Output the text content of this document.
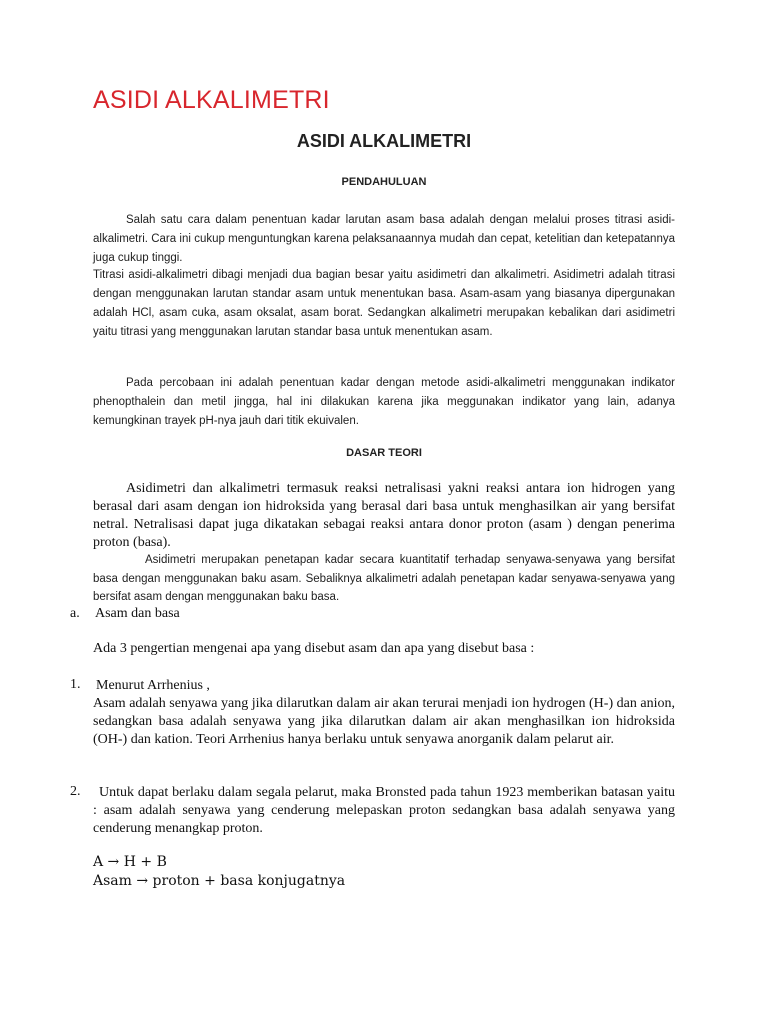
ASIDI ALKALIMETRI
ASIDI ALKALIMETRI
PENDAHULUAN

Salah satu cara dalam penentuan kadar larutan asam basa adalah dengan melalui proses titrasi asidi-alkalimetri. Cara ini cukup menguntungkan karena pelaksanaannya mudah dan cepat, ketelitian dan ketepatannya juga cukup tinggi.

Titrasi asidi-alkalimetri dibagi menjadi dua bagian besar yaitu asidimetri dan alkalimetri. Asidimetri adalah titrasi dengan menggunakan larutan standar asam untuk menentukan basa. Asam-asam yang biasanya dipergunakan adalah HCl, asam cuka, asam oksalat, asam borat. Sedangkan alkalimetri merupakan kebalikan dari asidimetri yaitu titrasi yang menggunakan larutan standar basa untuk menentukan asam.

Pada percobaan ini adalah penentuan kadar dengan metode asidi-alkalimetri menggunakan indikator phenopthalein dan metil jingga, hal ini dilakukan karena jika meggunakan indikator yang lain, adanya kemungkinan trayek pH-nya jauh dari titik ekuivalen.

DASAR TEORI

Asidimetri dan alkalimetri termasuk reaksi netralisasi yakni reaksi antara ion hidrogen yang berasal dari asam dengan ion hidroksida yang berasal dari basa untuk menghasilkan air yang bersifat netral. Netralisasi dapat juga dikatakan sebagai reaksi antara donor proton (asam ) dengan penerima proton (basa).

Asidimetri merupakan penetapan kadar secara kuantitatif terhadap senyawa-senyawa yang bersifat basa dengan menggunakan baku asam. Sebaliknya alkalimetri adalah penetapan kadar senyawa-senyawa yang bersifat asam dengan menggunakan baku basa.

a. Asam dan basa

Ada 3 pengertian mengenai apa yang disebut asam dan apa yang disebut basa :

1. Menurut Arrhenius ,

Asam adalah senyawa yang jika dilarutkan dalam air akan terurai menjadi ion hydrogen (H-) dan anion, sedangkan basa adalah senyawa yang jika dilarutkan dalam air akan menghasilkan ion hidroksida (OH-) dan kation. Teori Arrhenius hanya berlaku untuk senyawa anorganik dalam pelarut air.

2.	Untuk dapat berlaku dalam segala pelarut, maka Bronsted pada tahun 1923 memberikan batasan yaitu : asam adalah senyawa yang cenderung melepaskan proton sedangkan basa adalah senyawa yang cenderung menangkap proton.

A → H + B
Asam → proton + basa konjugatnya
